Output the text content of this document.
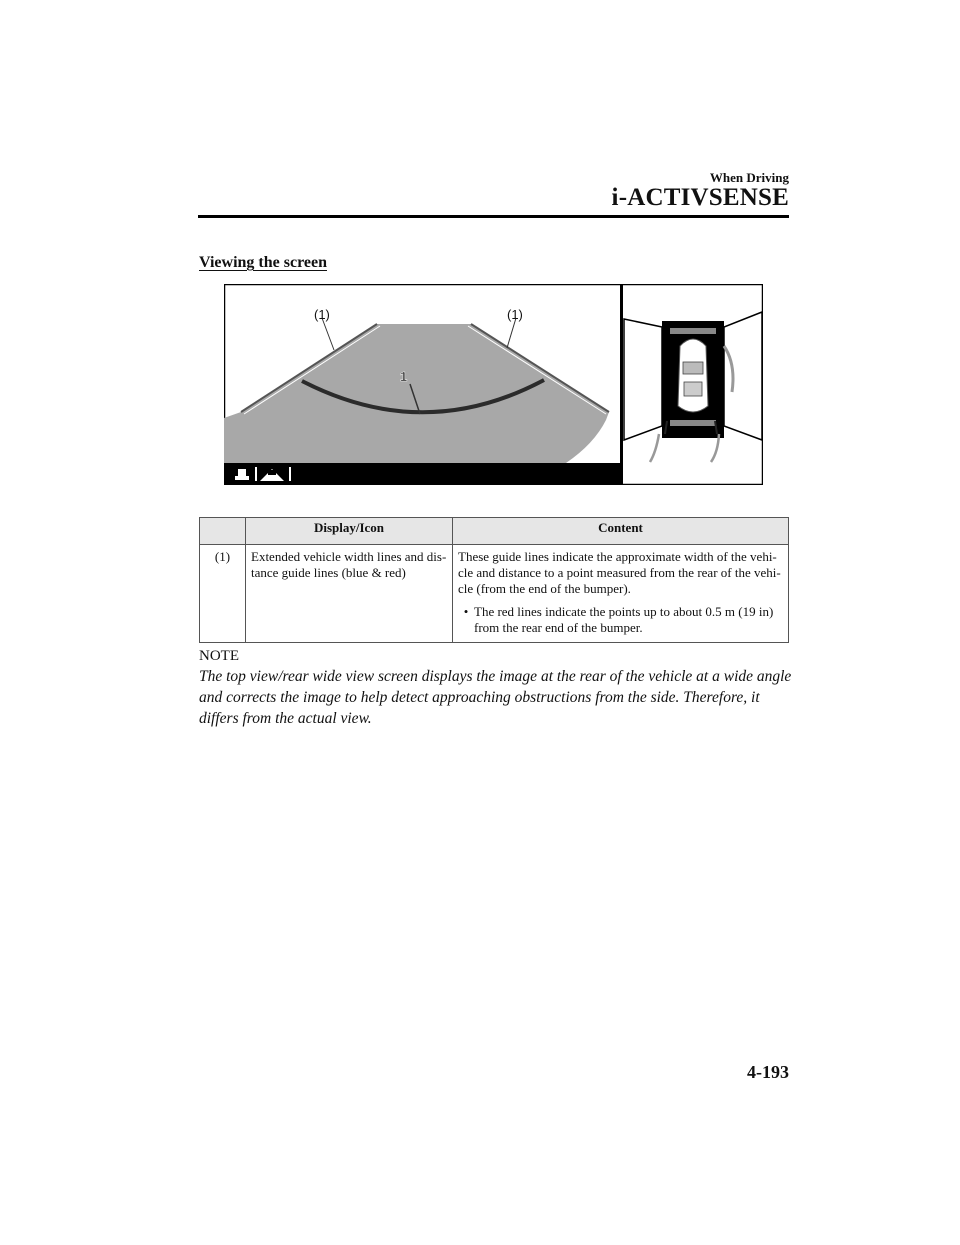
When Driving
i-ACTIVSENSE
Viewing the screen
(1)	(1)
1
	Display/Icon	Content
(1)	Extended vehicle width lines and dis-tance guide lines (blue & red)	These guide lines indicate the approximate width of the vehi-cle and distance to a point measured from the rear of the vehi-cle (from the end of the bumper).
• The red lines indicate the points up to about 0.5 m (19 in) from the rear end of the bumper.
NOTE
The top view/rear wide view screen displays the image at the rear of the vehicle at a wide angle and corrects the image to help detect approaching obstructions from the side. Therefore, it differs from the actual view.
4-193
